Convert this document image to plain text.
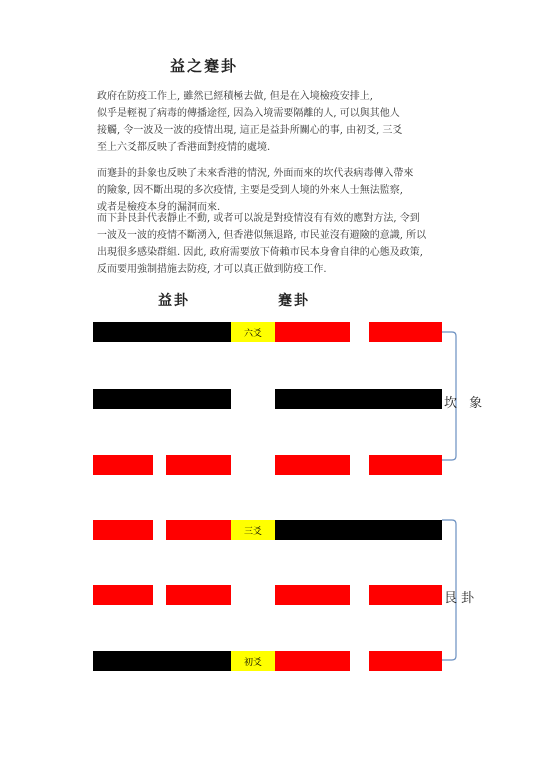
益之蹇卦
政府在防疫工作上, 雖然已經積極去做, 但是在入境檢疫安排上,
似乎是輕視了病毒的傳播途徑, 因為入境需要隔離的人, 可以與其他人
接觸, 令一波及一波的疫情出現, 這正是益卦所關心的事, 由初爻, 三爻
至上六爻都反映了香港面對疫情的處境.
而蹇卦的卦象也反映了未來香港的情況, 外面而來的坎代表病毒傳入帶來
的險象, 因不斷出現的多次疫情, 主要是受到人境的外來人士無法監察,
或者是檢疫本身的漏洞而來.
而下卦艮卦代表靜止不動, 或者可以說是對疫情沒有有效的應對方法, 令到
一波及一波的疫情不斷湧入, 但香港似無退路, 市民並沒有避險的意識, 所以
出現很多感染群組. 因此, 政府需要放下倚賴市民本身會自律的心態及政策,
反而要用強制措施去防疫, 才可以真正做到防疫工作.
益卦	蹇卦
六爻
三爻
初爻
坎 象
艮卦
